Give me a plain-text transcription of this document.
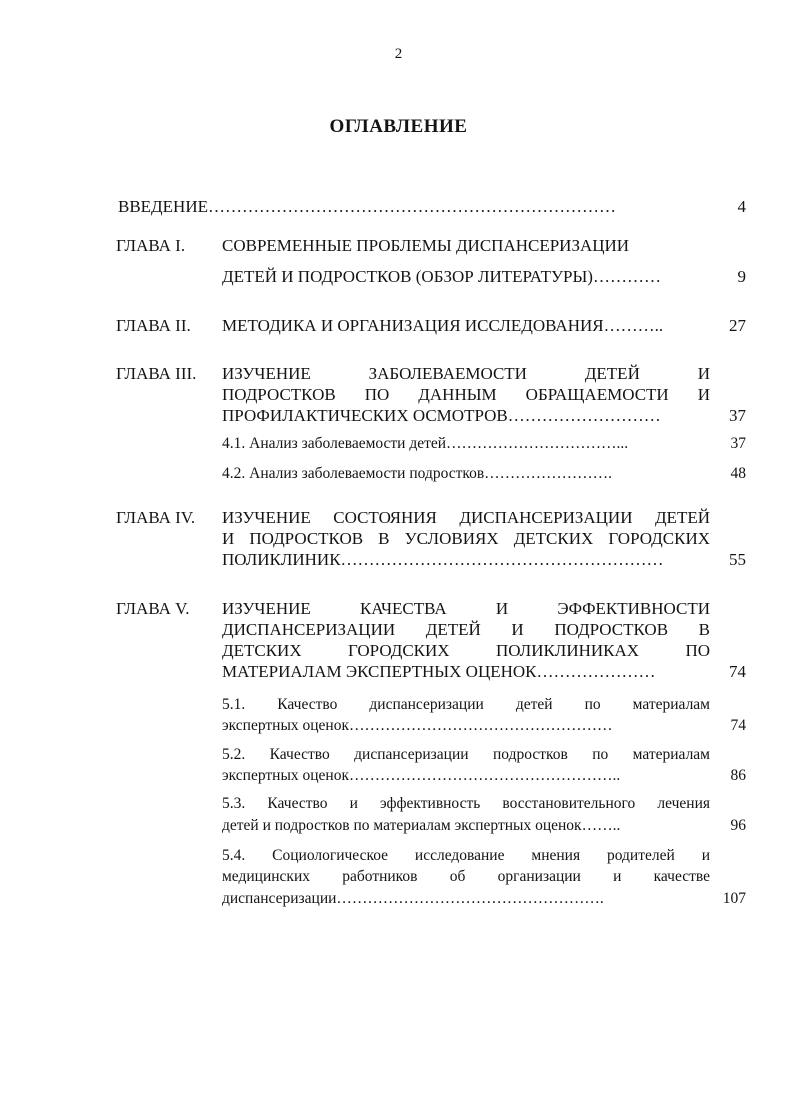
2
ОГЛАВЛЕНИЕ
ВВЕДЕНИЕ………………………………………………………………	4
ГЛАВА I. СОВРЕМЕННЫЕ ПРОБЛЕМЫ ДИСПАНСЕРИЗАЦИИ
ДЕТЕЙ И ПОДРОСТКОВ (ОБЗОР ЛИТЕРАТУРЫ)…………	9
ГЛАВА II. МЕТОДИКА И ОРГАНИЗАЦИЯ ИССЛЕДОВАНИЯ………..	27
ГЛАВА III. ИЗУЧЕНИЕ ЗАБОЛЕВАЕМОСТИ ДЕТЕЙ И
ПОДРОСТКОВ ПО ДАННЫМ ОБРАЩАЕМОСТИ И
ПРОФИЛАКТИЧЕСКИХ ОСМОТРОВ………………………	37
4.1. Анализ заболеваемости детей……………………………...	37
4.2. Анализ заболеваемости подростков…………………….	48
ГЛАВА IV. ИЗУЧЕНИЕ СОСТОЯНИЯ ДИСПАНСЕРИЗАЦИИ ДЕТЕЙ
И ПОДРОСТКОВ В УСЛОВИЯХ ДЕТСКИХ ГОРОДСКИХ
ПОЛИКЛИНИК…………………………………………………	55
ГЛАВА V. ИЗУЧЕНИЕ КАЧЕСТВА И ЭФФЕКТИВНОСТИ
ДИСПАНСЕРИЗАЦИИ ДЕТЕЙ И ПОДРОСТКОВ В
ДЕТСКИХ ГОРОДСКИХ ПОЛИКЛИНИКАХ ПО
МАТЕРИАЛАМ ЭКСПЕРТНЫХ ОЦЕНОК…………………	74
5.1. Качество диспансеризации детей по материалам
экспертных оценок……………………………………………	74
5.2. Качество диспансеризации подростков по материалам
экспертных оценок……………………………………………..	86
5.3. Качество и эффективность восстановительного лечения
детей и подростков по материалам экспертных оценок……..	96
5.4. Социологическое исследование мнения родителей и
медицинских работников об организации и качестве
диспансеризации…………………………………………….	107
